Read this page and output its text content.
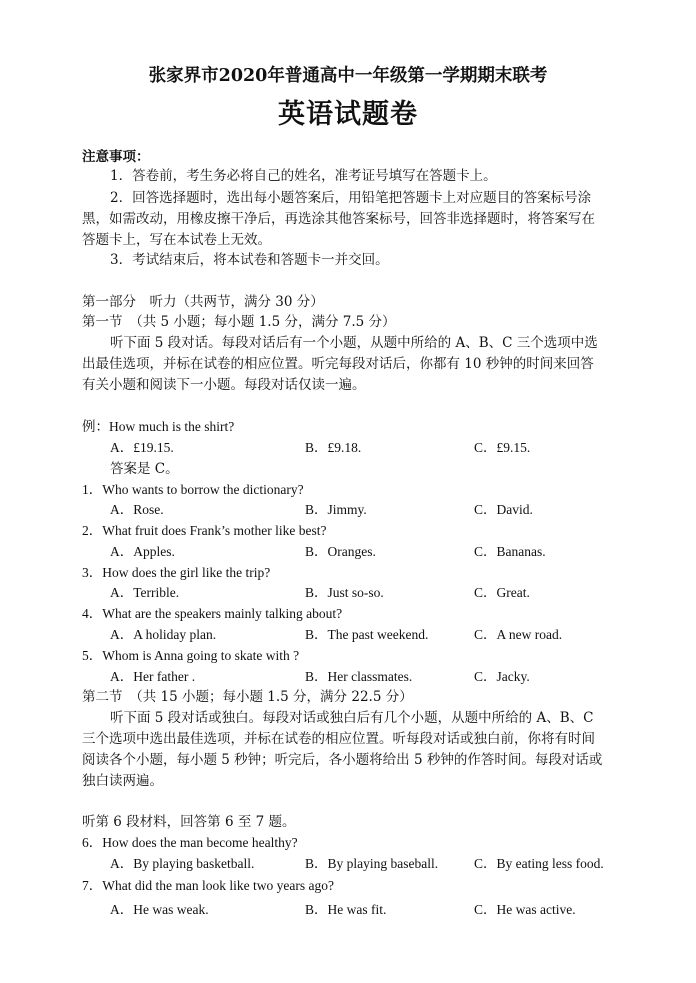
张家界市2020年普通高中一年级第一学期期末联考
英语试题卷
注意事项：
1．答卷前，考生务必将自己的姓名，准考证号填写在答题卡上。
2．回答选择题时，选出每小题答案后，用铅笔把答题卡上对应题目的答案标号涂
黑，如需改动，用橡皮擦干净后，再选涂其他答案标号，回答非选择题时，将答案写在
答题卡上，写在本试卷上无效。
3．考试结束后，将本试卷和答题卡一并交回。
第一部分　听力（共两节，满分 30 分）
第一节　（共 5 小题；每小题 1.5 分，满分 7.5 分）
听下面 5 段对话。每段对话后有一个小题，从题中所给的 A、B、C 三个选项中选
出最佳选项，并标在试卷的相应位置。听完每段对话后，你都有 10 秒钟的时间来回答
有关小题和阅读下一小题。每段对话仅读一遍。
例：How much is the shirt?
A．£19.15.	B．£9.18.	C．£9.15.
答案是 C。
1．Who wants to borrow the dictionary?
A．Rose.	B．Jimmy.	C．David.
2．What fruit does Frank’s mother like best?
A．Apples.	B．Oranges.	C．Bananas.
3．How does the girl like the trip?
A．Terrible.	B．Just so-so.	C．Great.
4．What are the speakers mainly talking about?
A．A holiday plan.	B．The past weekend.	C．A new road.
5．Whom is Anna going to skate with ?
A．Her father .	B．Her classmates.	C．Jacky.
第二节　（共 15 小题；每小题 1.5 分，满分 22.5 分）
听下面 5 段对话或独白。每段对话或独白后有几个小题，从题中所给的 A、B、C
三个选项中选出最佳选项，并标在试卷的相应位置。听每段对话或独白前，你将有时间
阅读各个小题，每小题 5 秒钟；听完后，各小题将给出 5 秒钟的作答时间。每段对话或
独白读两遍。
听第 6 段材料，回答第 6 至 7 题。
6．How does the man become healthy?
A．By playing basketball.	B．By playing baseball.	C．By eating less food.
7．What did the man look like two years ago?
A．He was weak.	B．He was fit.	C．He was active.
